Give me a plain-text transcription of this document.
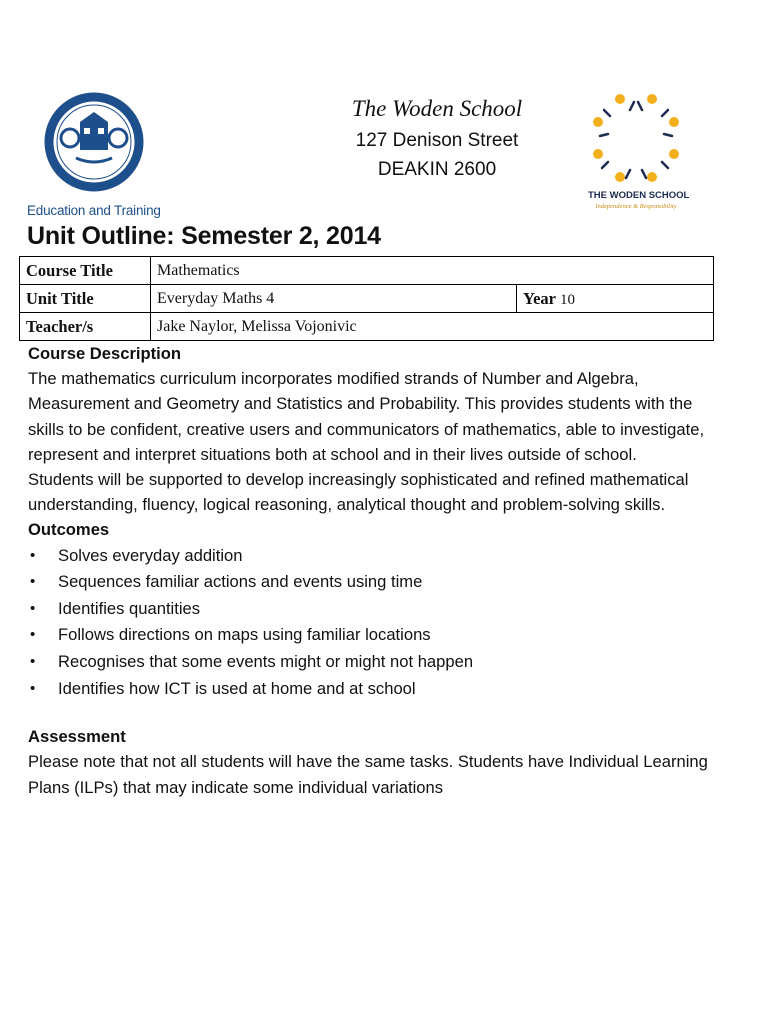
Education and Training
The Woden School
127 Denison Street
DEAKIN 2600
THE WODEN SCHOOL
Independence & Responsibility
Unit Outline: Semester 2, 2014
Course Title	Mathematics	
Unit Title	Everyday Maths 4	Year 10
Teacher/s	Jake Naylor, Melissa Vojonivic	
Course Description

The mathematics curriculum incorporates modified strands of Number and Algebra, Measurement and Geometry and Statistics and Probability. This provides students with the skills to be confident, creative users and communicators of mathematics, able to investigate, represent and interpret situations both at school and in their lives outside of school.

Students will be supported to develop increasingly sophisticated and refined mathematical understanding, fluency, logical reasoning, analytical thought and problem-solving skills.

Outcomes
• Solves everyday addition
• Sequences familiar actions and events using time
• Identifies quantities
• Follows directions on maps using familiar locations
• Recognises that some events might or might not happen
• Identifies how ICT is used at home and at school
Assessment

Please note that not all students will have the same tasks. Students have Individual Learning Plans (ILPs) that may indicate some individual variations
